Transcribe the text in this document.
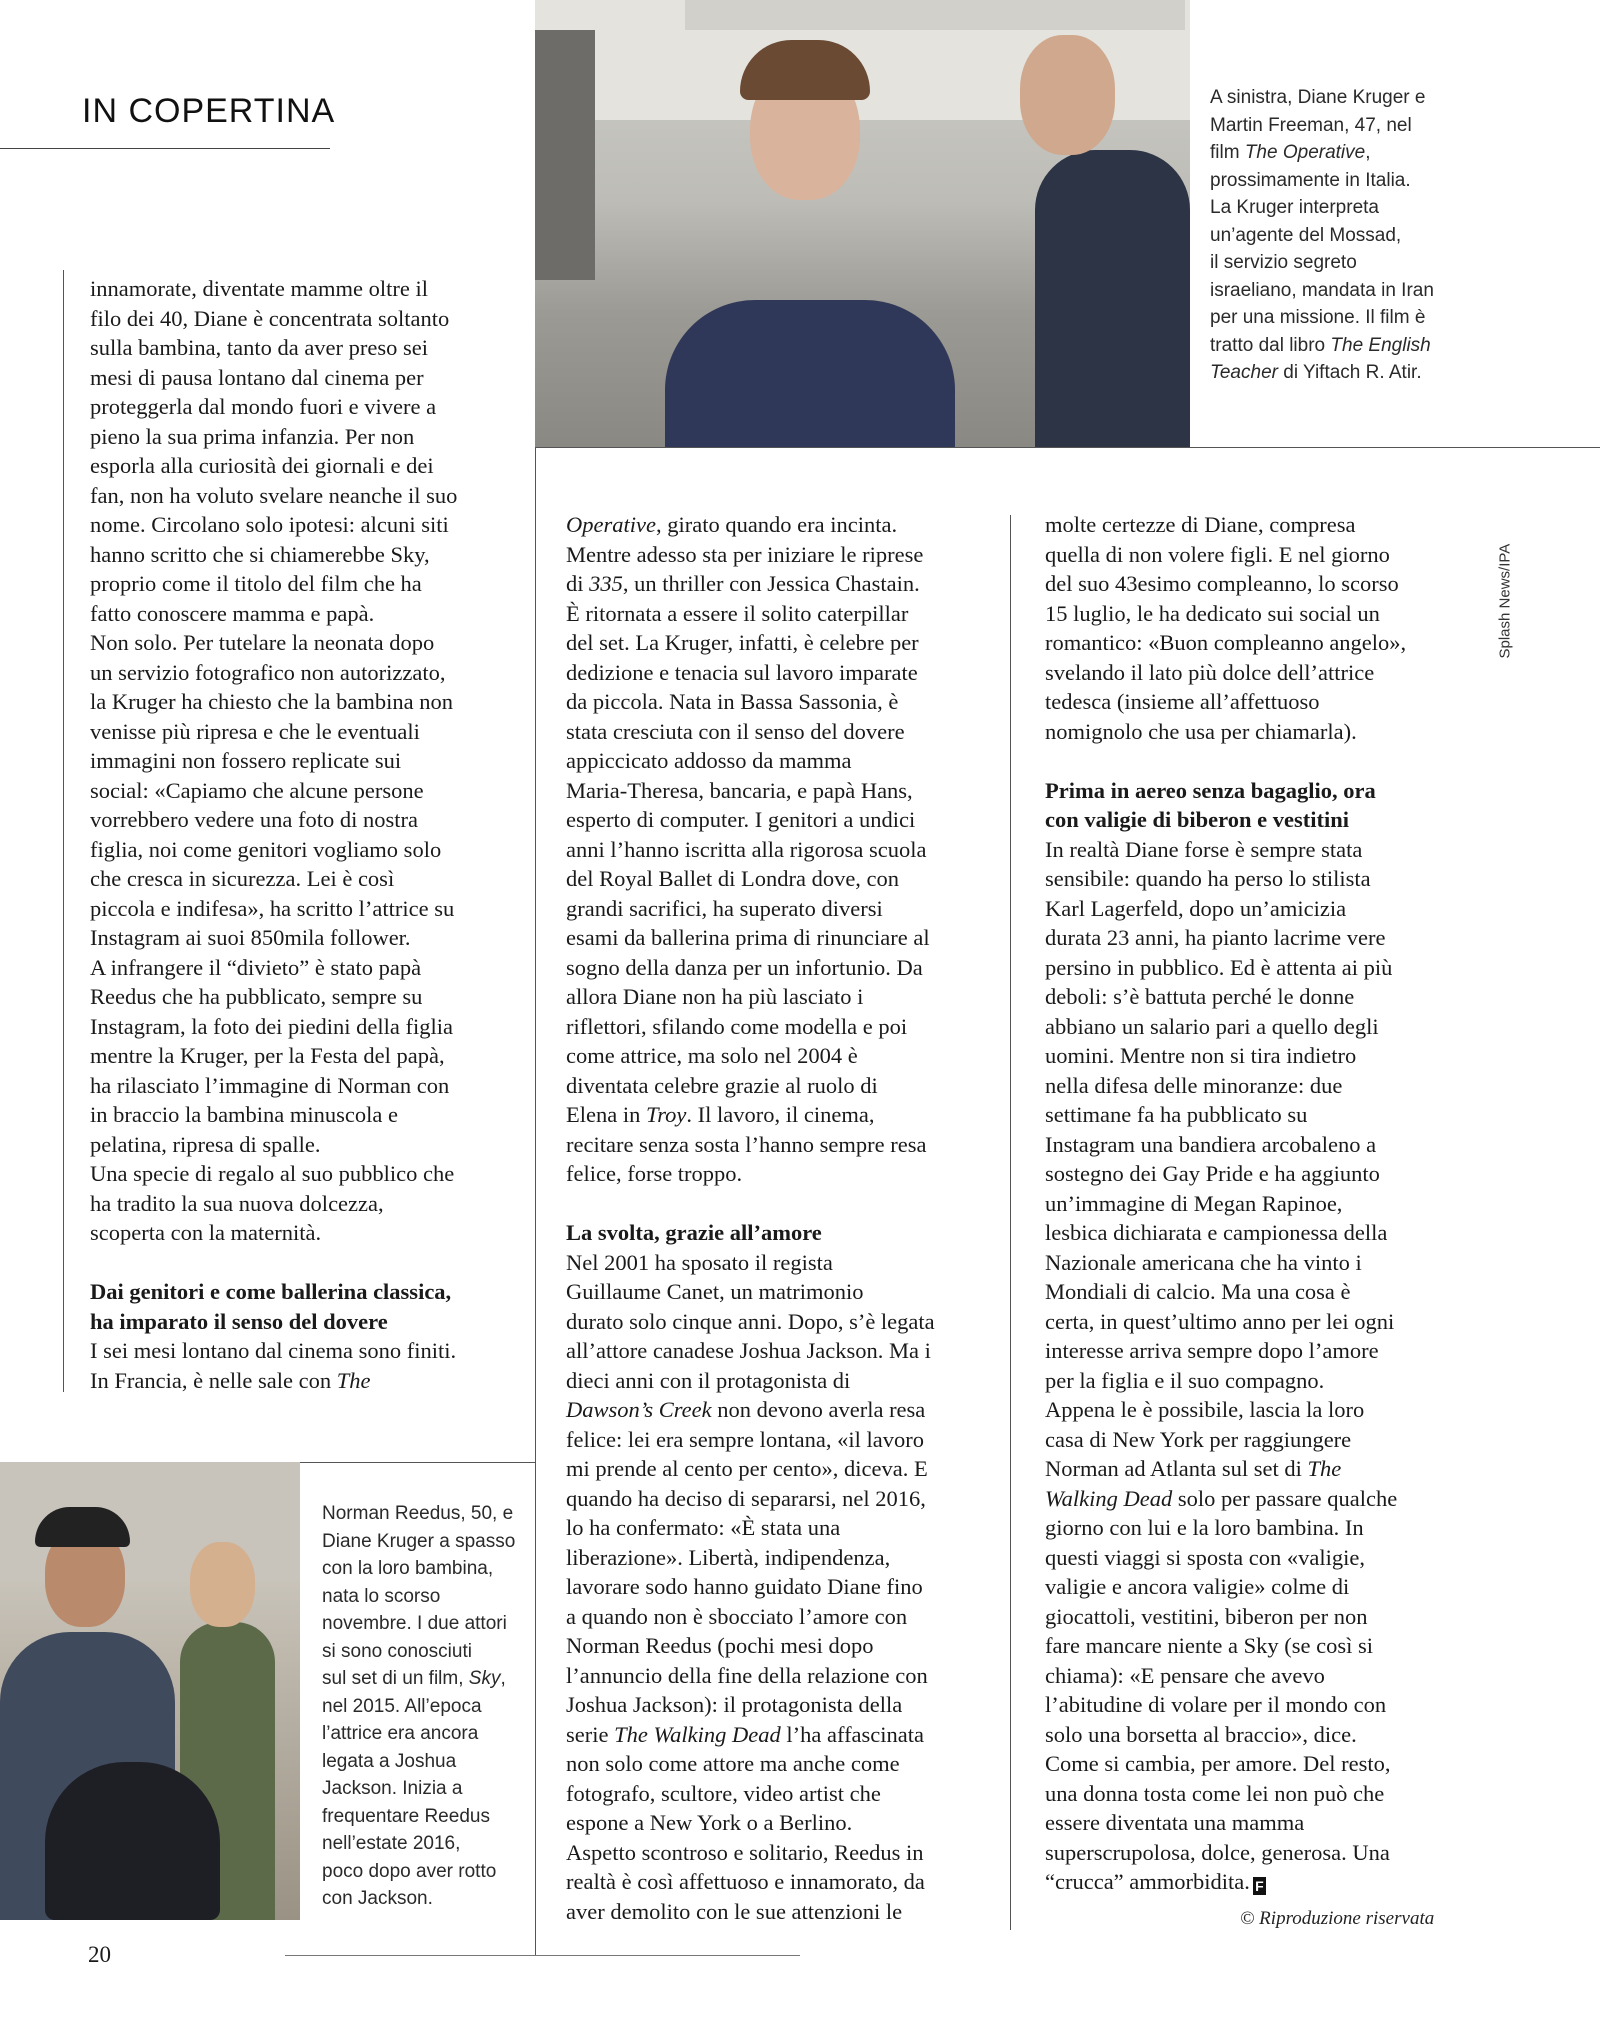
IN COPERTINA	A sinistra, Diane Kruger e
Martin Freeman, 47, nel
film The Operative,
prossimamente in Italia.
La Kruger interpreta
un’agente del Mossad,
il servizio segreto
israeliano, mandata in Iran
per una missione. Il film è
tratto dal libro The English
Teacher di Yiftach R. Atir.
Splash News/IPA
innamorate, diventate mamme oltre il
filo dei 40, Diane è concentrata soltanto
sulla bambina, tanto da aver preso sei
mesi di pausa lontano dal cinema per
proteggerla dal mondo fuori e vivere a
pieno la sua prima infanzia. Per non
esporla alla curiosità dei giornali e dei
fan, non ha voluto svelare neanche il suo
nome. Circolano solo ipotesi: alcuni siti
hanno scritto che si chiamerebbe Sky,
proprio come il titolo del film che ha
fatto conoscere mamma e papà.
Non solo. Per tutelare la neonata dopo
un servizio fotografico non autorizzato,
la Kruger ha chiesto che la bambina non
venisse più ripresa e che le eventuali
immagini non fossero replicate sui
social: «Capiamo che alcune persone
vorrebbero vedere una foto di nostra
figlia, noi come genitori vogliamo solo
che cresca in sicurezza. Lei è così
piccola e indifesa», ha scritto l’attrice su
Instagram ai suoi 850mila follower.
A infrangere il “divieto” è stato papà
Reedus che ha pubblicato, sempre su
Instagram, la foto dei piedini della figlia
mentre la Kruger, per la Festa del papà,
ha rilasciato l’immagine di Norman con
in braccio la bambina minuscola e
pelatina, ripresa di spalle.
Una specie di regalo al suo pubblico che
ha tradito la sua nuova dolcezza,
scoperta con la maternità.

Dai genitori e come ballerina classica,
ha imparato il senso del dovere
I sei mesi lontano dal cinema sono finiti.
In Francia, è nelle sale con The
Operative, girato quando era incinta.
Mentre adesso sta per iniziare le riprese
di 335, un thriller con Jessica Chastain.
È ritornata a essere il solito caterpillar
del set. La Kruger, infatti, è celebre per
dedizione e tenacia sul lavoro imparate
da piccola. Nata in Bassa Sassonia, è
stata cresciuta con il senso del dovere
appiccicato addosso da mamma
Maria-Theresa, bancaria, e papà Hans,
esperto di computer. I genitori a undici
anni l’hanno iscritta alla rigorosa scuola
del Royal Ballet di Londra dove, con
grandi sacrifici, ha superato diversi
esami da ballerina prima di rinunciare al
sogno della danza per un infortunio. Da
allora Diane non ha più lasciato i
riflettori, sfilando come modella e poi
come attrice, ma solo nel 2004 è
diventata celebre grazie al ruolo di
Elena in Troy. Il lavoro, il cinema,
recitare senza sosta l’hanno sempre resa
felice, forse troppo.

La svolta, grazie all’amore
Nel 2001 ha sposato il regista
Guillaume Canet, un matrimonio
durato solo cinque anni. Dopo, s’è legata
all’attore canadese Joshua Jackson. Ma i
dieci anni con il protagonista di
Dawson’s Creek non devono averla resa
felice: lei era sempre lontana, «il lavoro
mi prende al cento per cento», diceva. E
quando ha deciso di separarsi, nel 2016,
lo ha confermato: «È stata una
liberazione». Libertà, indipendenza,
lavorare sodo hanno guidato Diane fino
a quando non è sbocciato l’amore con
Norman Reedus (pochi mesi dopo
l’annuncio della fine della relazione con
Joshua Jackson): il protagonista della
serie The Walking Dead l’ha affascinata
non solo come attore ma anche come
fotografo, scultore, video artist che
espone a New York o a Berlino.
Aspetto scontroso e solitario, Reedus in
realtà è così affettuoso e innamorato, da
aver demolito con le sue attenzioni le
molte certezze di Diane, compresa
quella di non volere figli. E nel giorno
del suo 43esimo compleanno, lo scorso
15 luglio, le ha dedicato sui social un
romantico: «Buon compleanno angelo»,
svelando il lato più dolce dell’attrice
tedesca (insieme all’affettuoso
nomignolo che usa per chiamarla).

Prima in aereo senza bagaglio, ora
con valigie di biberon e vestitini
In realtà Diane forse è sempre stata
sensibile: quando ha perso lo stilista
Karl Lagerfeld, dopo un’amicizia
durata 23 anni, ha pianto lacrime vere
persino in pubblico. Ed è attenta ai più
deboli: s’è battuta perché le donne
abbiano un salario pari a quello degli
uomini. Mentre non si tira indietro
nella difesa delle minoranze: due
settimane fa ha pubblicato su
Instagram una bandiera arcobaleno a
sostegno dei Gay Pride e ha aggiunto
un’immagine di Megan Rapinoe,
lesbica dichiarata e campionessa della
Nazionale americana che ha vinto i
Mondiali di calcio. Ma una cosa è
certa, in quest’ultimo anno per lei ogni
interesse arriva sempre dopo l’amore
per la figlia e il suo compagno.
Appena le è possibile, lascia la loro
casa di New York per raggiungere
Norman ad Atlanta sul set di The
Walking Dead solo per passare qualche
giorno con lui e la loro bambina. In
questi viaggi si sposta con «valigie,
valigie e ancora valigie» colme di
giocattoli, vestitini, biberon per non
fare mancare niente a Sky (se così si
chiama): «E pensare che avevo
l’abitudine di volare per il mondo con
solo una borsetta al braccio», dice.
Come si cambia, per amore. Del resto,
una donna tosta come lei non può che
essere diventata una mamma
superscrupolosa, dolce, generosa. Una
“crucca” ammorbidita. F
Norman Reedus, 50, e
Diane Kruger a spasso
con la loro bambina,
nata lo scorso
novembre. I due attori
si sono conosciuti
sul set di un film, Sky,
nel 2015. All’epoca
l’attrice era ancora
legata a Joshua
Jackson. Inizia a
frequentare Reedus
nell’estate 2016,
poco dopo aver rotto
con Jackson.
© Riproduzione riservata
20
